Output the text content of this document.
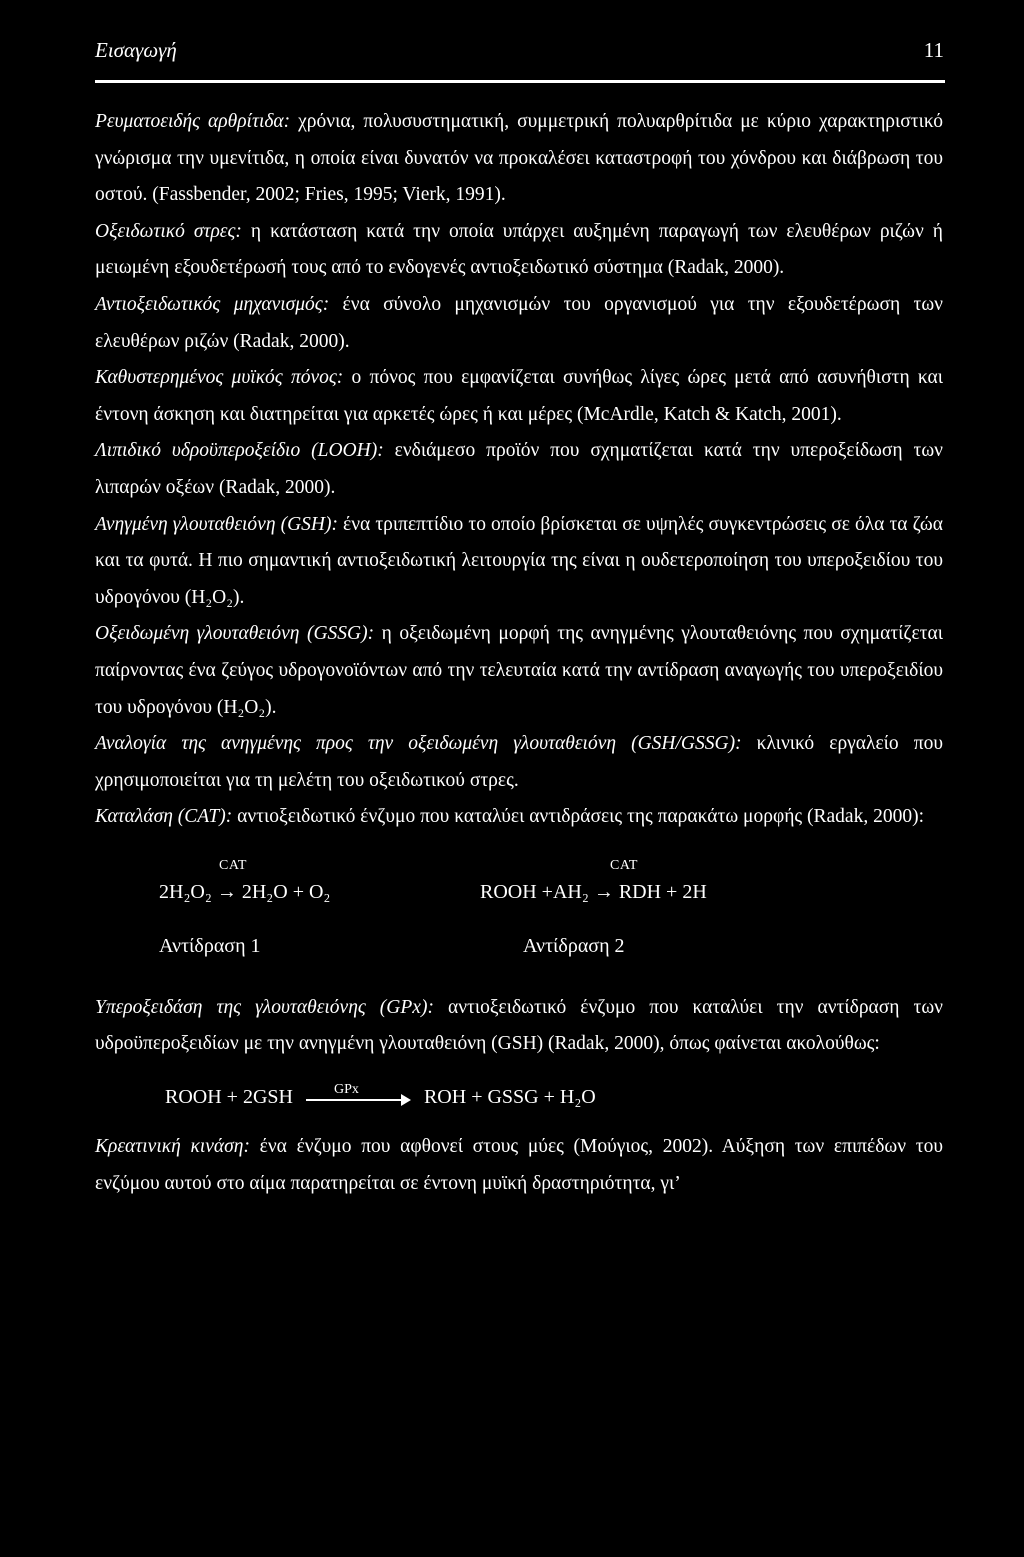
Εισαγωγή	11

Ρευματοειδής αρθρίτιδα: χρόνια, πολυσυστηματική, συμμετρική πολυαρθρίτιδα με κύριο χαρακτηριστικό γνώρισμα την υμενίτιδα, η οποία είναι δυνατόν να προκαλέσει καταστροφή του χόνδρου και διάβρωση του οστού. (Fassbender, 2002; Fries, 1995; Vierk, 1991).

Οξειδωτικό στρες: η κατάσταση κατά την οποία υπάρχει αυξημένη παραγωγή των ελευθέρων ριζών ή μειωμένη εξουδετέρωσή τους από το ενδογενές αντιοξειδωτικό σύστημα (Radak, 2000).

Αντιοξειδωτικός μηχανισμός: ένα σύνολο μηχανισμών του οργανισμού για την εξουδετέρωση των ελευθέρων ριζών (Radak, 2000).

Καθυστερημένος μυϊκός πόνος: ο πόνος που εμφανίζεται συνήθως λίγες ώρες μετά από ασυνήθιστη και έντονη άσκηση και διατηρείται για αρκετές ώρες ή και μέρες (McArdle, Katch & Katch, 2001).

Λιπιδικό υδροϋπεροξείδιο (LOOH): ενδιάμεσο προϊόν που σχηματίζεται κατά την υπεροξείδωση των λιπαρών οξέων (Radak, 2000).

Ανηγμένη γλουταθειόνη (GSH): ένα τριπεπτίδιο το οποίο βρίσκεται σε υψηλές συγκεντρώσεις σε όλα τα ζώα και τα φυτά. Η πιο σημαντική αντιοξειδωτική λειτουργία της είναι η ουδετεροποίηση του υπεροξειδίου του υδρογόνου (H₂O₂).

Οξειδωμένη γλουταθειόνη (GSSG): η οξειδωμένη μορφή της ανηγμένης γλουταθειόνης που σχηματίζεται παίρνοντας ένα ζεύγος υδρογονοϊόντων από την τελευταία κατά την αντίδραση αναγωγής του υπεροξειδίου του υδρογόνου (H₂O₂).

Αναλογία της ανηγμένης προς την οξειδωμένη γλουταθειόνη (GSH/GSSG): κλινικό εργαλείο που χρησιμοποιείται για τη μελέτη του οξειδωτικού στρες.

Καταλάση (CAT): αντιοξειδωτικό ένζυμο που καταλύει αντιδράσεις της παρακάτω μορφής (Radak, 2000):

CAT	CAT
2H₂O₂ → 2H₂O + O₂	ROOH +AH₂ → RDH + 2H
Αντίδραση 1	Αντίδραση 2

Υπεροξειδάση της γλουταθειόνης (GPx): αντιοξειδωτικό ένζυμο που καταλύει την αντίδραση των υδροϋπεροξειδίων με την ανηγμένη γλουταθειόνη (GSH) (Radak, 2000), όπως φαίνεται ακολούθως:

ROOH + 2GSH	GPx	ROH + GSSG + H₂O

Κρεατινική κινάση: ένα ένζυμο που αφθονεί στους μύες (Μούγιος, 2002). Αύξηση των επιπέδων του ενζύμου αυτού στο αίμα παρατηρείται σε έντονη μυϊκή δραστηριότητα, γι’
